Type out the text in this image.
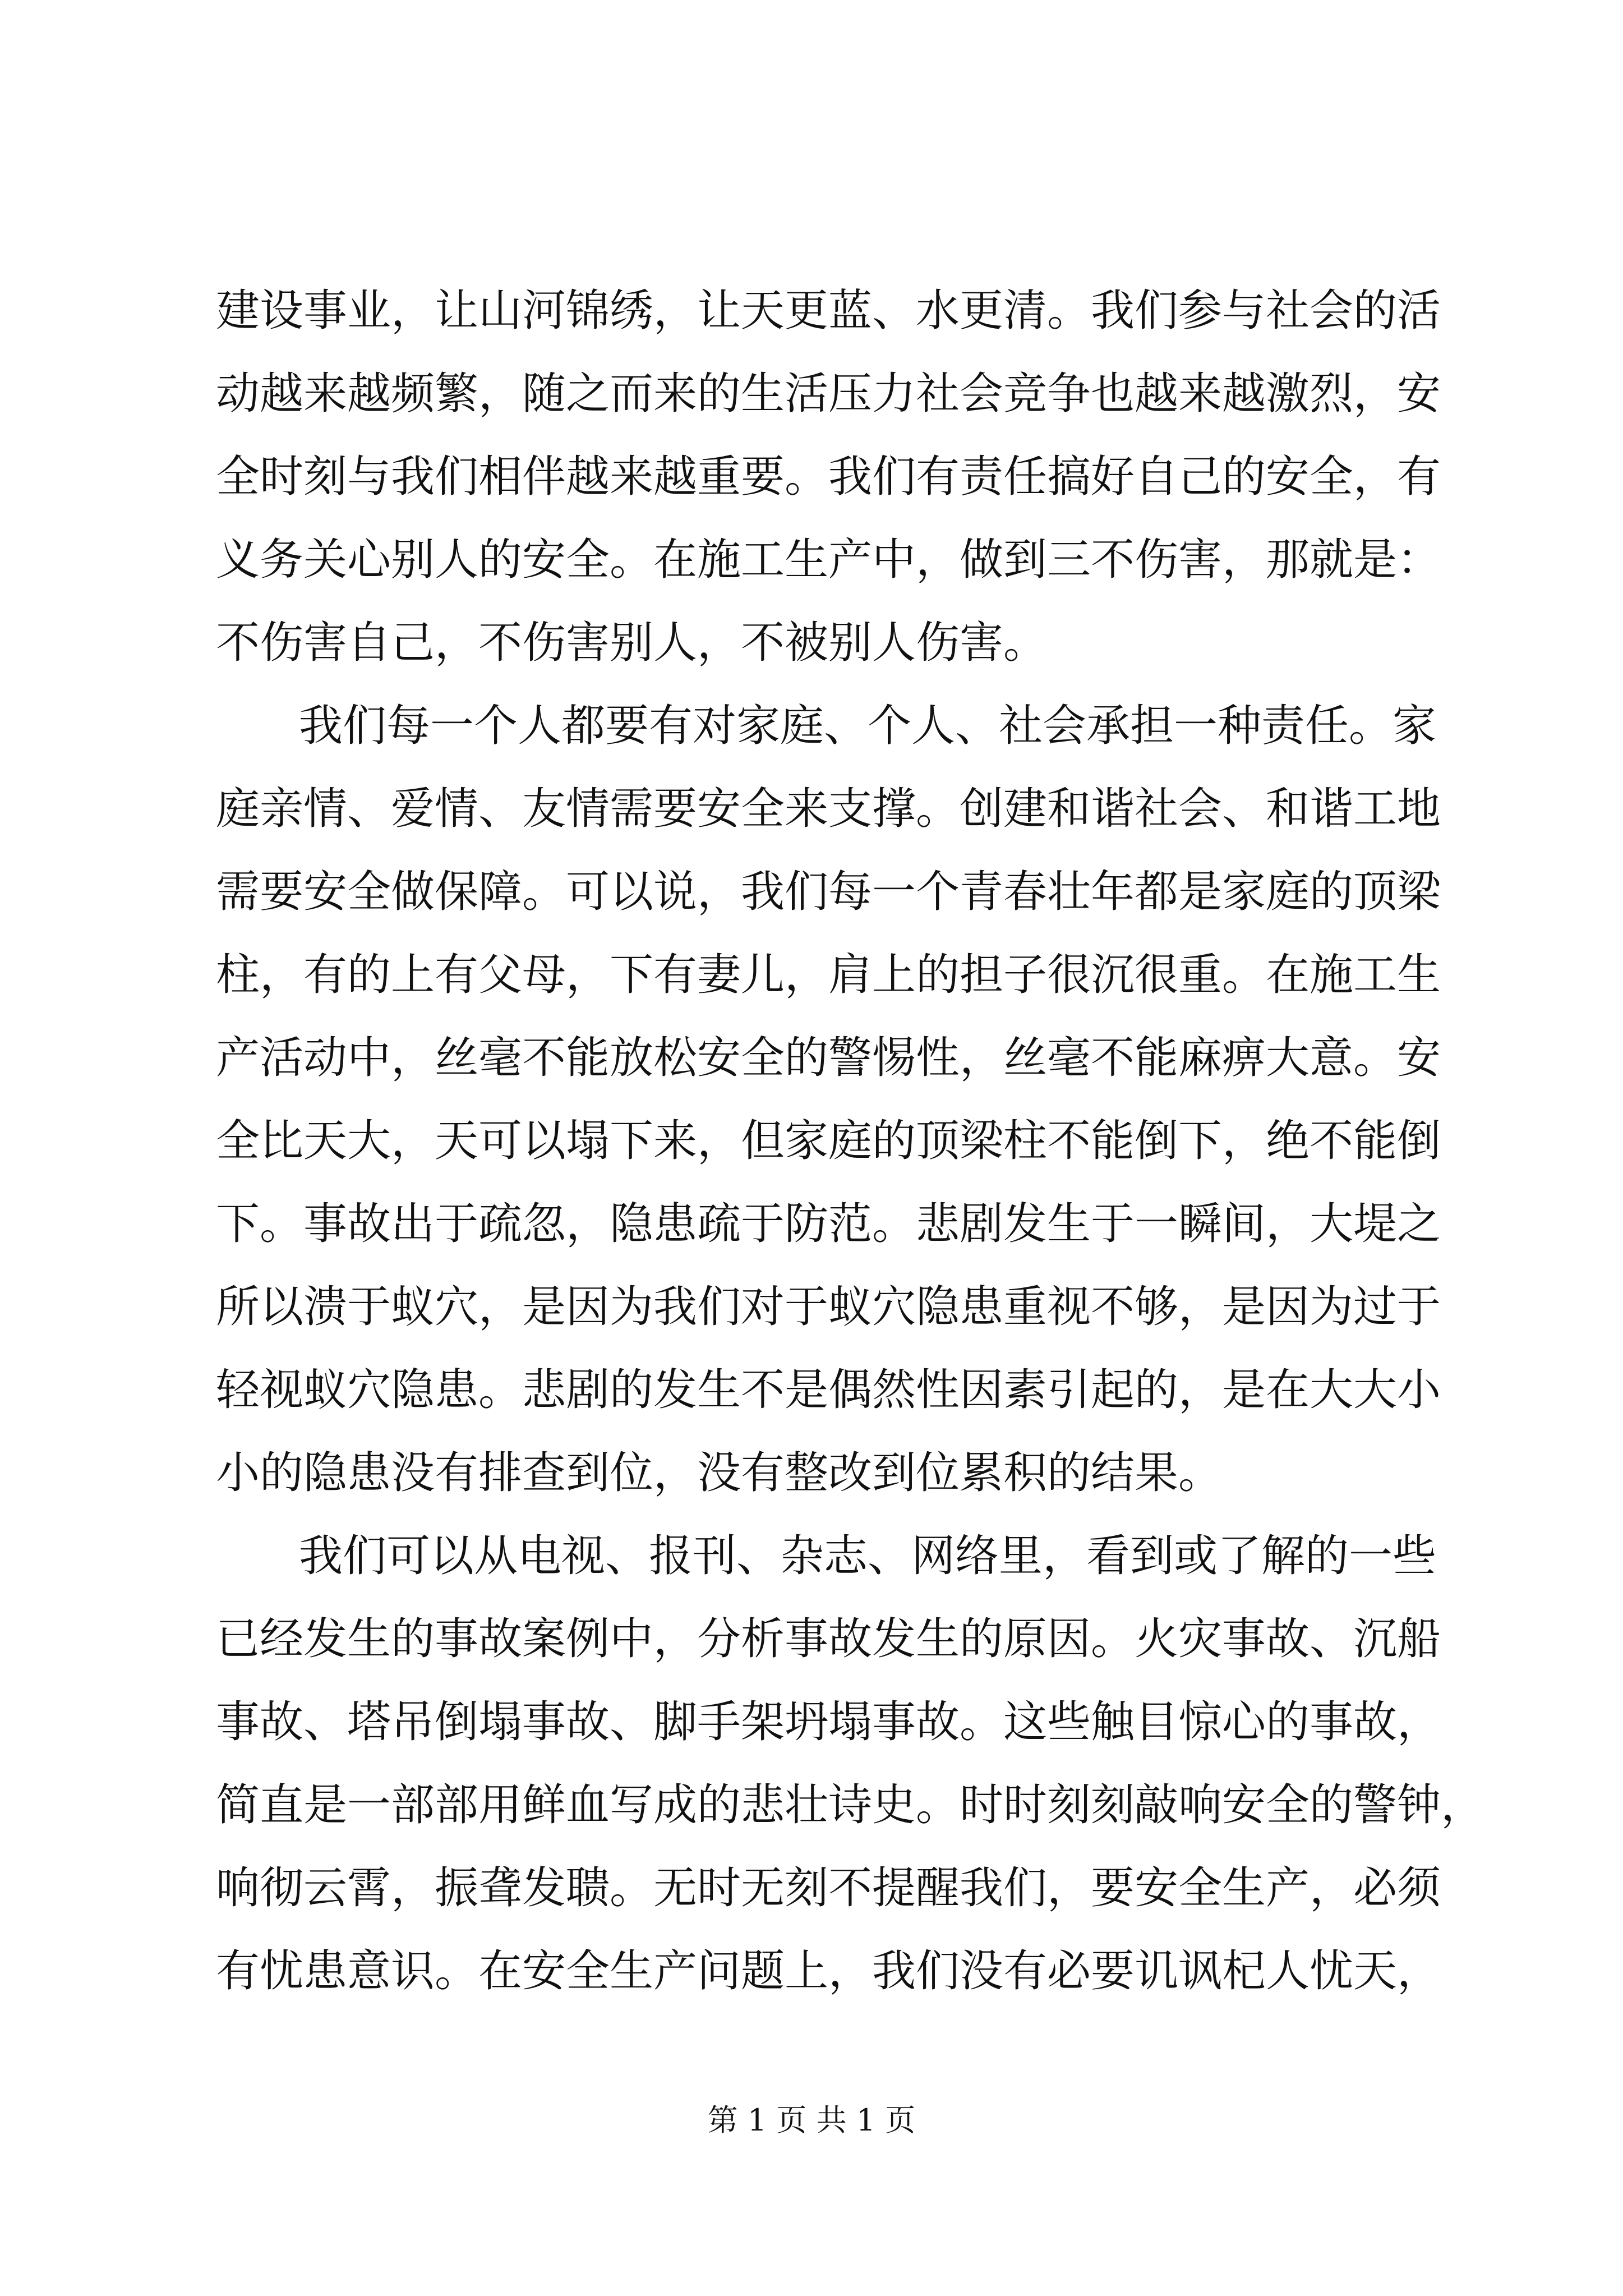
建设事业，让山河锦绣，让天更蓝、水更清。我们参与社会的活
动越来越频繁，随之而来的生活压力社会竞争也越来越激烈，安
全时刻与我们相伴越来越重要。我们有责任搞好自己的安全，有
义务关心别人的安全。在施工生产中，做到三不伤害，那就是：
不伤害自己，不伤害别人，不被别人伤害。
我们每一个人都要有对家庭、个人、社会承担一种责任。家
庭亲情、爱情、友情需要安全来支撑。创建和谐社会、和谐工地
需要安全做保障。可以说，我们每一个青春壮年都是家庭的顶梁
柱，有的上有父母，下有妻儿，肩上的担子很沉很重。在施工生
产活动中，丝毫不能放松安全的警惕性，丝毫不能麻痹大意。安
全比天大，天可以塌下来，但家庭的顶梁柱不能倒下，绝不能倒
下。事故出于疏忽，隐患疏于防范。悲剧发生于一瞬间，大堤之
所以溃于蚁穴，是因为我们对于蚁穴隐患重视不够，是因为过于
轻视蚁穴隐患。悲剧的发生不是偶然性因素引起的，是在大大小
小的隐患没有排查到位，没有整改到位累积的结果。
我们可以从电视、报刊、杂志、网络里，看到或了解的一些
已经发生的事故案例中，分析事故发生的原因。火灾事故、沉船
事故、塔吊倒塌事故、脚手架坍塌事故。这些触目惊心的事故，
简直是一部部用鲜血写成的悲壮诗史。时时刻刻敲响安全的警钟，
响彻云霄，振聋发聩。无时无刻不提醒我们，要安全生产，必须
有忧患意识。在安全生产问题上，我们没有必要讥讽杞人忧天，
第 1 页 共 1 页
